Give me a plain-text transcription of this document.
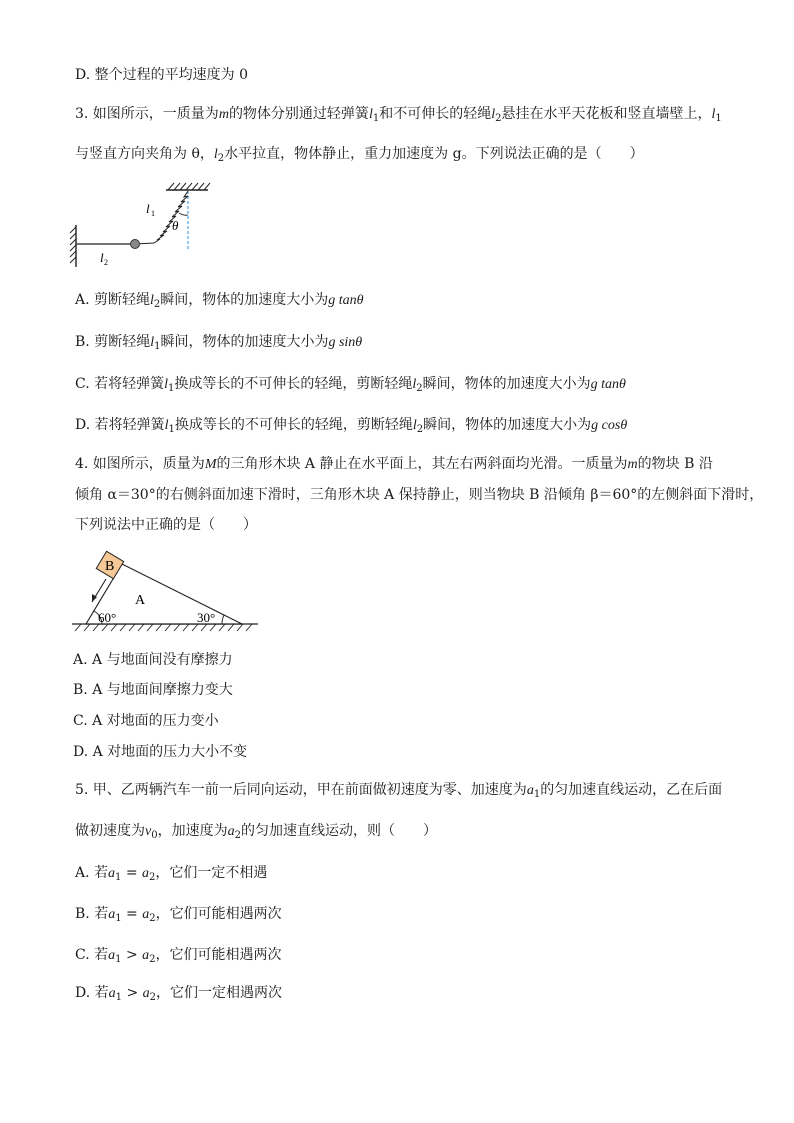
D. 整个过程的平均速度为 0
3. 如图所示，一质量为m的物体分别通过轻弹簧$l_1$和不可伸长的轻绳$l_2$悬挂在水平天花板和竖直墙壁上，$l_1$
与竖直方向夹角为 θ，$l_2$水平拉直，物体静止，重力加速度为 g。下列说法正确的是（　　）
l 1
θ
l 2
A. 剪断轻绳$l_2$瞬间，物体的加速度大小为g tanθ
B. 剪断轻绳$l_1$瞬间，物体的加速度大小为g sinθ
C. 若将轻弹簧$l_1$换成等长的不可伸长的轻绳，剪断轻绳$l_2$瞬间，物体的加速度大小为g tanθ
D. 若将轻弹簧$l_1$换成等长的不可伸长的轻绳，剪断轻绳$l_2$瞬间，物体的加速度大小为g cosθ
4. 如图所示，质量为M的三角形木块 A 静止在水平面上，其左右两斜面均光滑。一质量为m的物块 B 沿
倾角 α＝30°的右侧斜面加速下滑时，三角形木块 A 保持静止，则当物块 B 沿倾角 β＝60°的左侧斜面下滑时，
下列说法中正确的是（　　）
B
A
60°	30°
A. A 与地面间没有摩擦力
B. A 与地面间摩擦力变大
C. A 对地面的压力变小
D. A 对地面的压力大小不变
5. 甲、乙两辆汽车一前一后同向运动，甲在前面做初速度为零、加速度为$a_1$的匀加速直线运动，乙在后面
做初速度为$v_0$，加速度为$a_2$的匀加速直线运动，则（　　）
A. 若$a_1 = a_2$，它们一定不相遇
B. 若$a_1 = a_2$，它们可能相遇两次
C. 若$a_1 > a_2$，它们可能相遇两次
D. 若$a_1 > a_2$，它们一定相遇两次
